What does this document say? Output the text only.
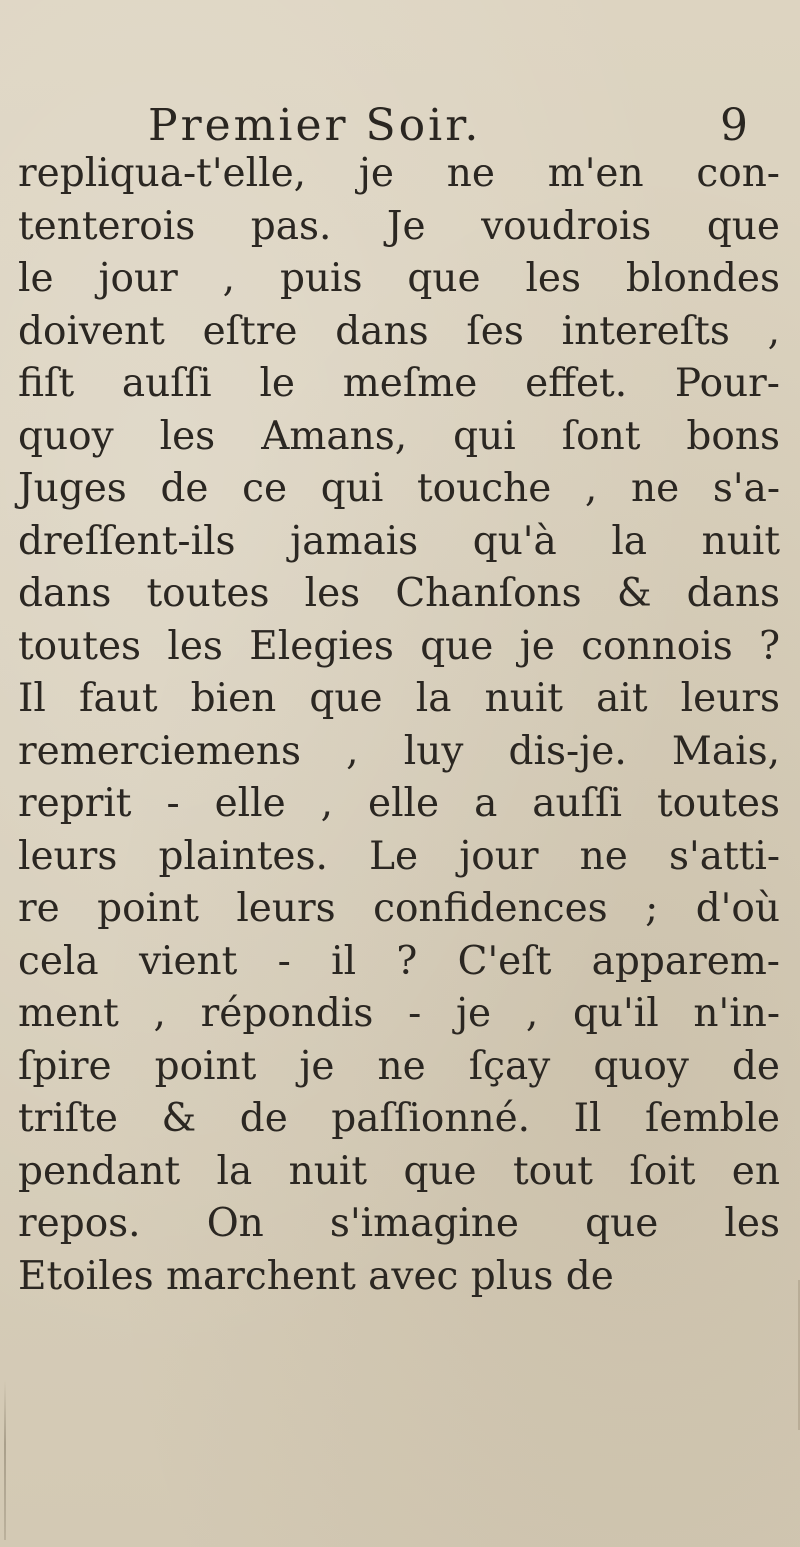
Premier Soir.	9
repliqua-t'elle, je ne m'en con-
tenterois pas. Je voudrois que
le jour , puis que les blondes
doivent eſtre dans ſes intereſts ,
fiſt auſſi le meſme effet. Pour-
quoy les Amans, qui ſont bons
Juges de ce qui touche , ne s'a-
dreſſent-ils jamais qu'à la nuit
dans toutes les Chanſons & dans
toutes les Elegies que je connois ?
Il faut bien que la nuit ait leurs
remerciemens , luy dis-je. Mais,
reprit - elle , elle a auſſi toutes
leurs plaintes. Le jour ne s'atti-
re point leurs confidences ; d'où
cela vient - il ? C'eſt apparem-
ment , répondis - je , qu'il n'in-
ſpire point je ne ſçay quoy de
triſte & de paſſionné. Il ſemble
pendant la nuit que tout ſoit en
repos. On s'imagine que les
Etoiles marchent avec plus de
